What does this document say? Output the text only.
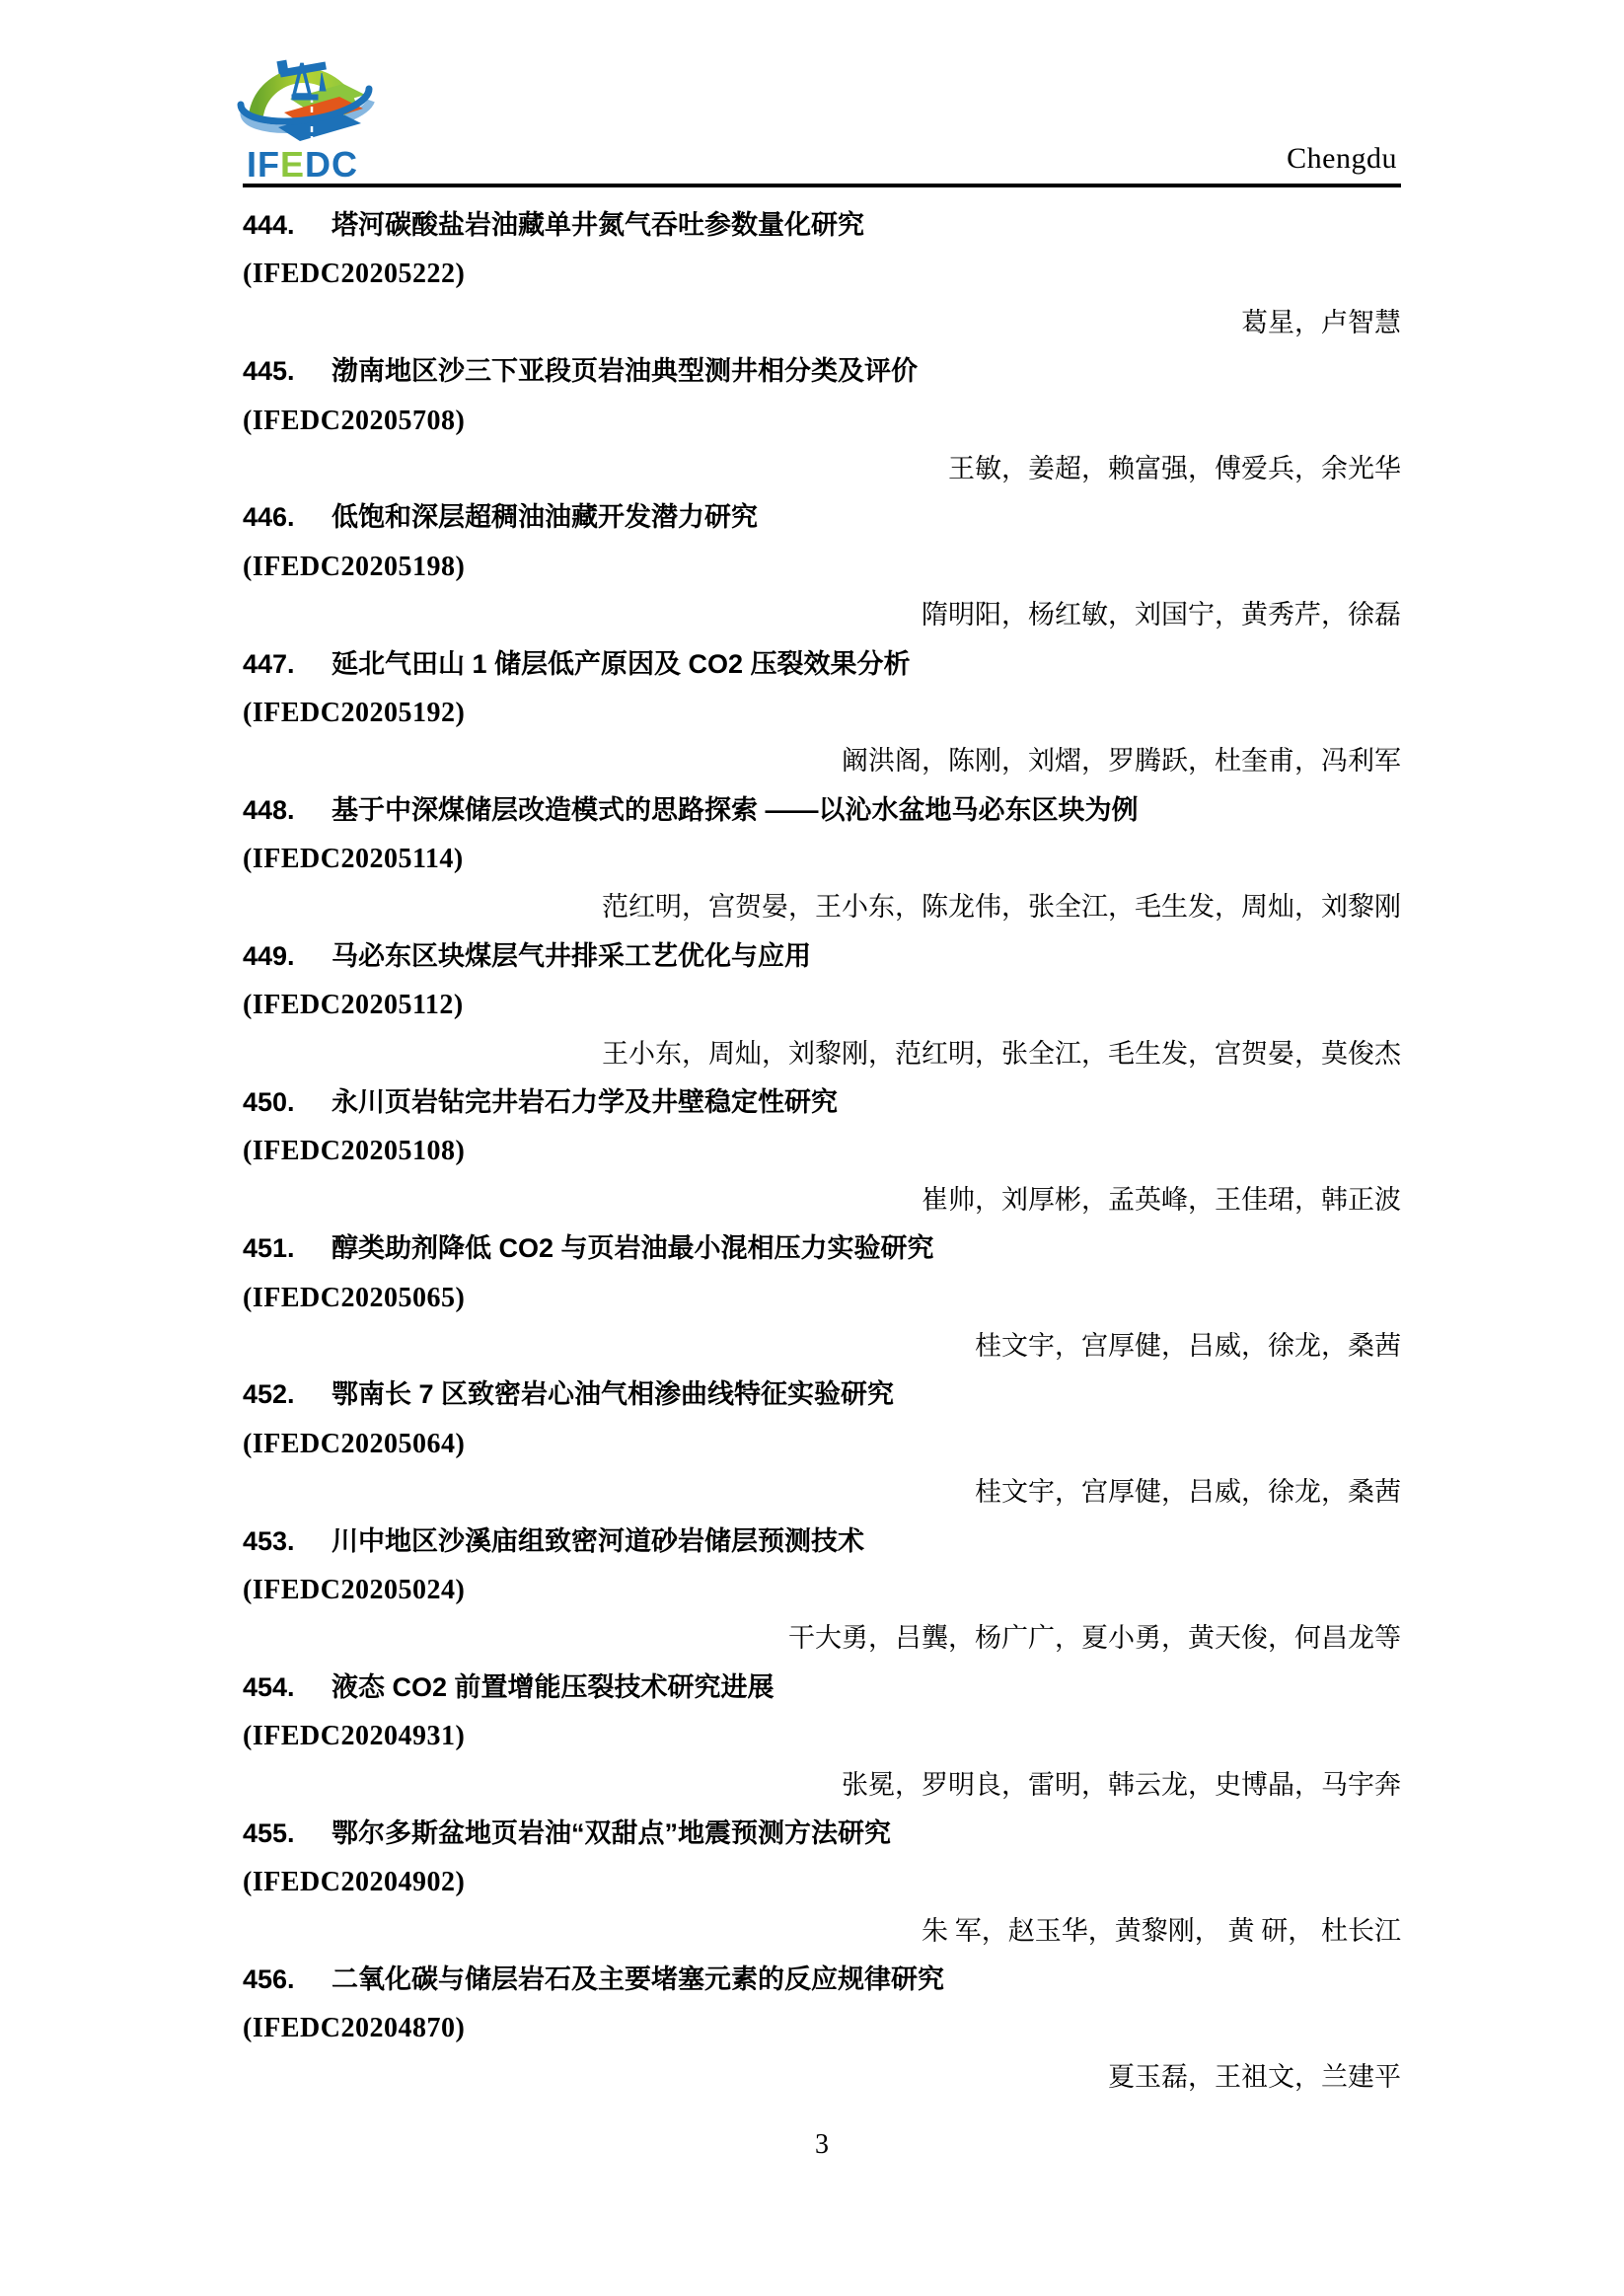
IFEDC	Chengdu
444. 塔河碳酸盐岩油藏单井氮气吞吐参数量化研究
(IFEDC20205222)
葛星，卢智慧
445. 渤南地区沙三下亚段页岩油典型测井相分类及评价
(IFEDC20205708)
王敏，姜超，赖富强，傅爱兵，余光华
446. 低饱和深层超稠油油藏开发潜力研究
(IFEDC20205198)
隋明阳，杨红敏，刘国宁，黄秀芹，徐磊
447. 延北气田山 1 储层低产原因及 CO2 压裂效果分析
(IFEDC20205192)
阚洪阁，陈刚，刘熠，罗腾跃，杜奎甫，冯利军
448. 基于中深煤储层改造模式的思路探索 ——以沁水盆地马必东区块为例
(IFEDC20205114)
范红明，宫贺晏，王小东，陈龙伟，张全江，毛生发，周灿，刘黎刚
449. 马必东区块煤层气井排采工艺优化与应用
(IFEDC20205112)
王小东，周灿，刘黎刚，范红明，张全江，毛生发，宫贺晏，莫俊杰
450. 永川页岩钻完井岩石力学及井壁稳定性研究
(IFEDC20205108)
崔帅，刘厚彬，孟英峰，王佳珺，韩正波
451. 醇类助剂降低 CO2 与页岩油最小混相压力实验研究
(IFEDC20205065)
桂文宇，宫厚健，吕威，徐龙，桑茜
452. 鄂南长 7 区致密岩心油气相渗曲线特征实验研究
(IFEDC20205064)
桂文宇，宫厚健，吕威，徐龙，桑茜
453. 川中地区沙溪庙组致密河道砂岩储层预测技术
(IFEDC20205024)
干大勇，吕龔，杨广广，夏小勇，黄天俊，何昌龙等
454. 液态 CO2 前置增能压裂技术研究进展
(IFEDC20204931)
张冕，罗明良，雷明，韩云龙，史博晶，马宇奔
455. 鄂尔多斯盆地页岩油“双甜点”地震预测方法研究
(IFEDC20204902)
朱 军，赵玉华，黄黎刚， 黄 研， 杜长江
456. 二氧化碳与储层岩石及主要堵塞元素的反应规律研究
(IFEDC20204870)
夏玉磊，王祖文，兰建平
3
